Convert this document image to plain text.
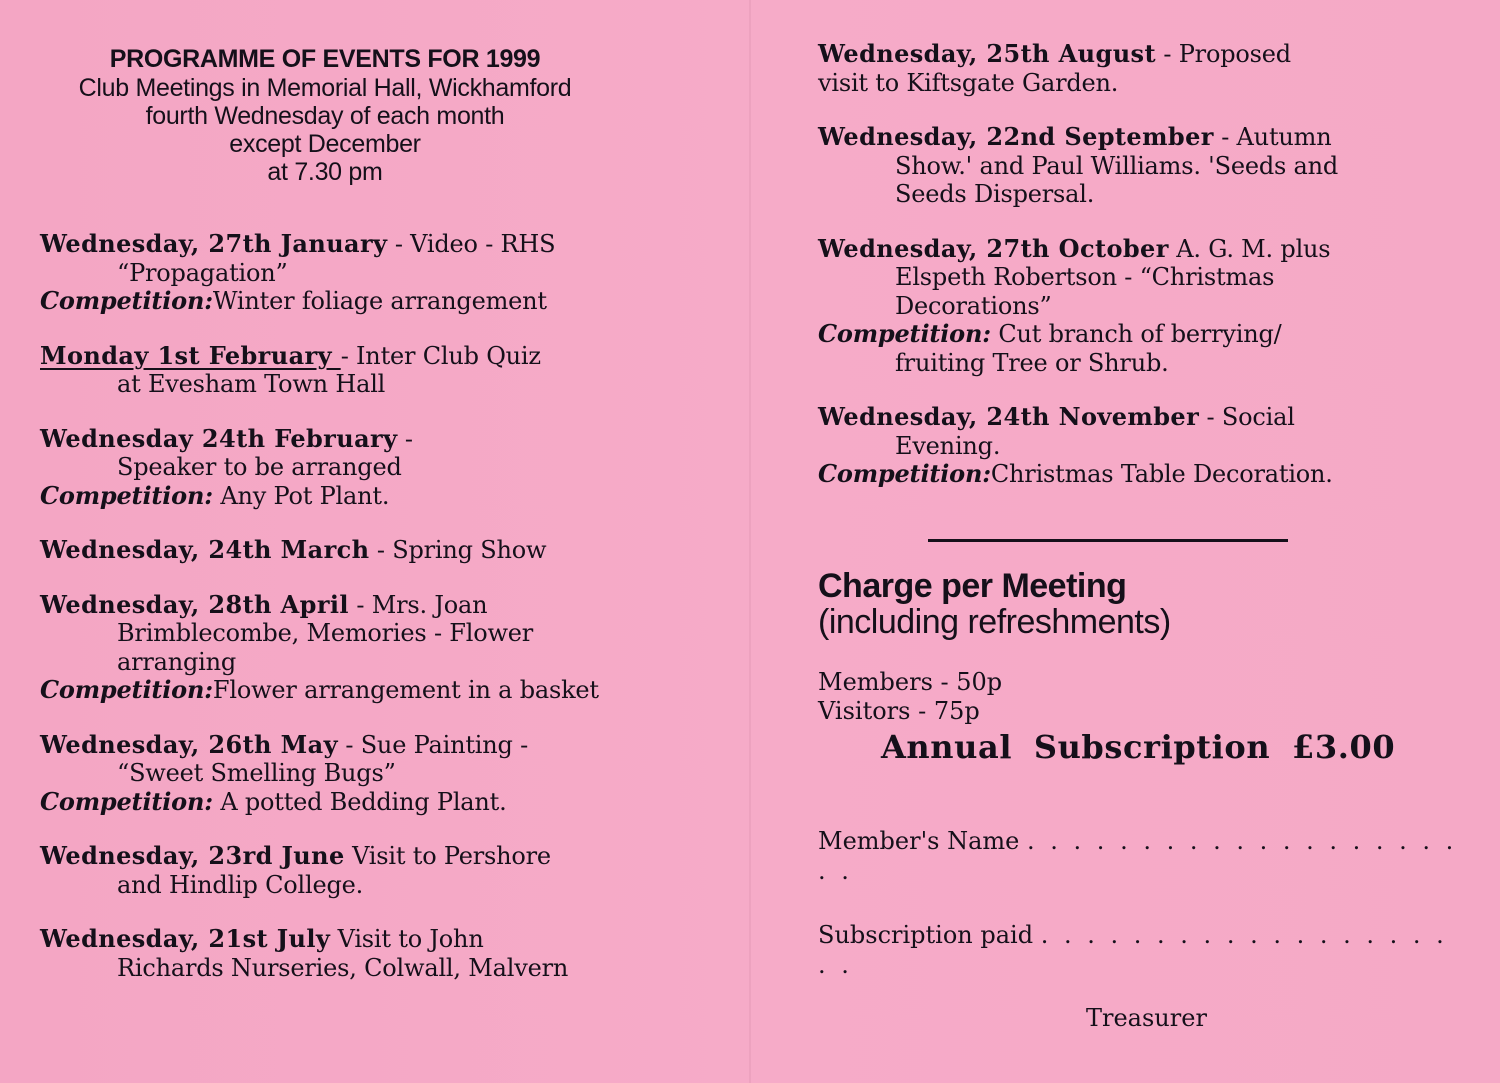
PROGRAMME OF EVENTS FOR 1999
Club Meetings in Memorial Hall, Wickhamford
fourth Wednesday of each month
except December
at 7.30 pm
Wednesday, 27th January - Video - RHS
“Propagation”
Competition:Winter foliage arrangement
Monday 1st February - Inter Club Quiz
at Evesham Town Hall
Wednesday 24th February -
Speaker to be arranged
Competition: Any Pot Plant.
Wednesday, 24th March - Spring Show
Wednesday, 28th April - Mrs. Joan
Brimblecombe, Memories - Flower
arranging
Competition:Flower arrangement in a basket
Wednesday, 26th May - Sue Painting -
“Sweet Smelling Bugs”
Competition: A potted Bedding Plant.
Wednesday, 23rd June Visit to Pershore
and Hindlip College.
Wednesday, 21st July Visit to John
Richards Nurseries, Colwall, Malvern
Wednesday, 25th August - Proposed
visit to Kiftsgate Garden.
Wednesday, 22nd September - Autumn
Show.' and Paul Williams. 'Seeds and
Seeds Dispersal.
Wednesday, 27th October A. G. M. plus
Elspeth Robertson - “Christmas
Decorations”
Competition: Cut branch of berrying/
fruiting Tree or Shrub.
Wednesday, 24th November - Social
Evening.
Competition:Christmas Table Decoration.
Charge per Meeting
(including refreshments)
Members - 50p
Visitors - 75p
Annual Subscription £3.00
Member's Name . . . . . . . . . . . . . . . . . . . . .
Subscription paid . . . . . . . . . . . . . . . . . . . .
Treasurer
